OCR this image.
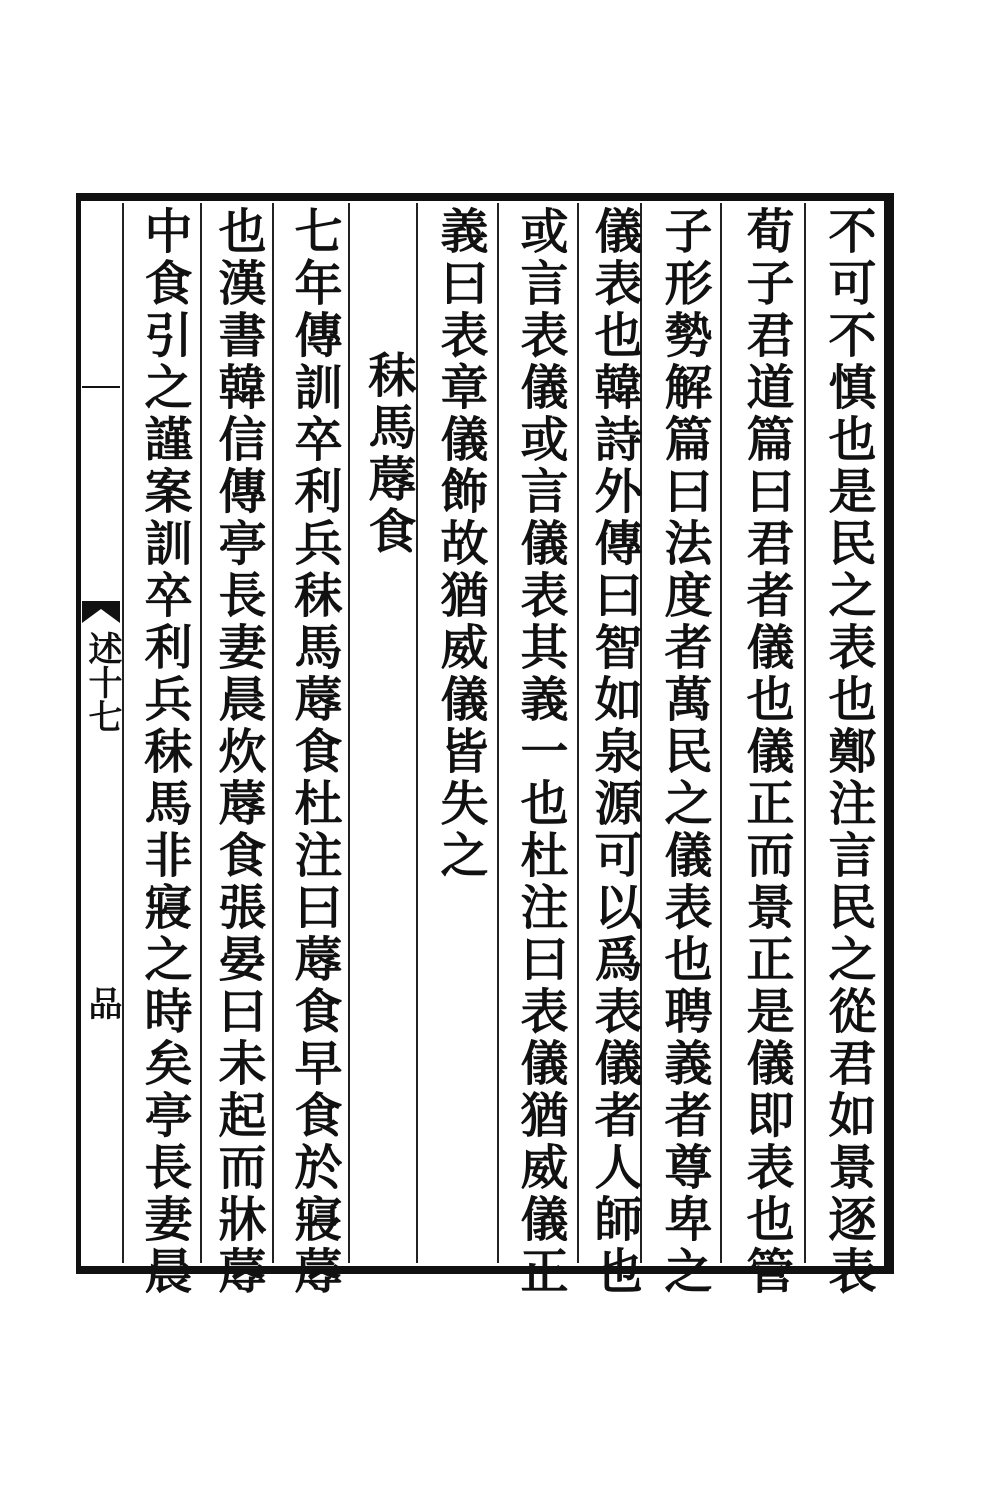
述十七
品	不可不慎也是民之表也鄭注言民之從君如景逐表
荀子君道篇曰君者儀也儀正而景正是儀即表也管
子形勢解篇曰法度者萬民之儀表也聘義者尊卑之
儀表也韓詩外傳曰智如泉源可以爲表儀者人師也
或言表儀或言儀表其義一也杜注曰表儀猶威儀正
義曰表章儀飾故猶威儀皆失之
秣馬蓐食
七年傳訓卒利兵秣馬蓐食杜注曰蓐食早食於寢蓐
也漢書韓信傳亭長妻晨炊蓐食張晏曰未起而牀蓐
中食引之謹案訓卒利兵秣馬非寢之時矣亭長妻晨
